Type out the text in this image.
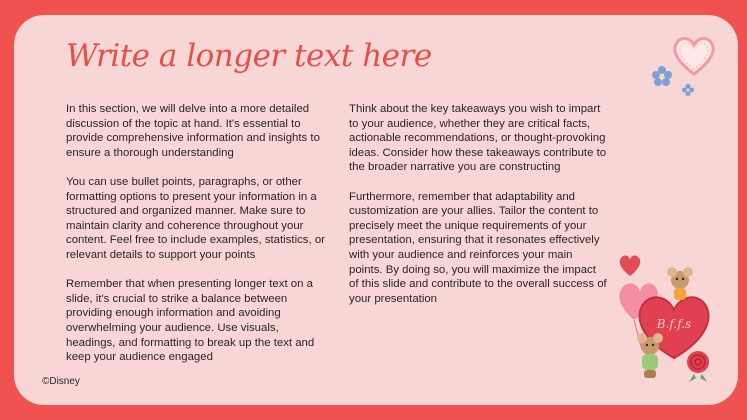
Write a longer text here

In this section, we will delve into a more detailed discussion of the topic at hand. It's essential to provide comprehensive information and insights to ensure a thorough understanding

You can use bullet points, paragraphs, or other formatting options to present your information in a structured and organized manner. Make sure to maintain clarity and coherence throughout your content. Feel free to include examples, statistics, or relevant details to support your points

Remember that when presenting longer text on a slide, it's crucial to strike a balance between providing enough information and avoiding overwhelming your audience. Use visuals, headings, and formatting to break up the text and keep your audience engaged

Think about the key takeaways you wish to impart to your audience, whether they are critical facts, actionable recommendations, or thought-provoking ideas. Consider how these takeaways contribute to the broader narrative you are constructing

Furthermore, remember that adaptability and customization are your allies. Tailor the content to precisely meet the unique requirements of your presentation, ensuring that it resonates effectively with your audience and reinforces your main points. By doing so, you will maximize the impact of this slide and contribute to the overall success of your presentation

©Disney
B.f.f.s
